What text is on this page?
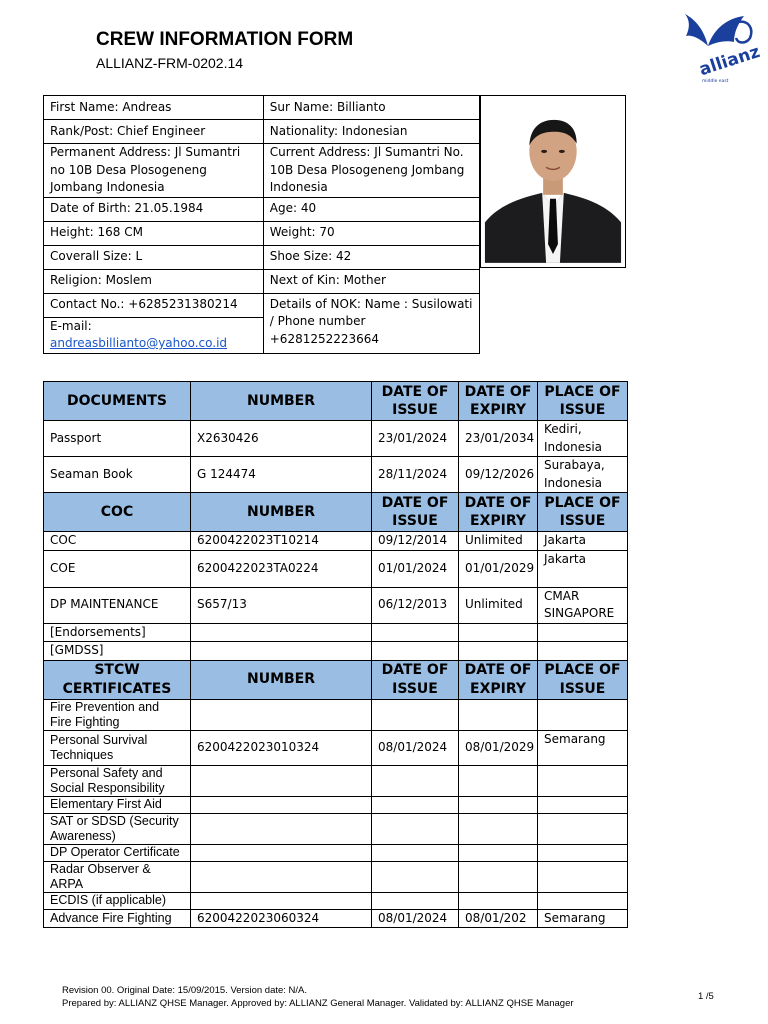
CREW INFORMATION FORM
ALLIANZ-FRM-0202.14	allianz
middle east
First Name: Andreas	Sur Name: Billianto
Rank/Post: Chief Engineer	Nationality: Indonesian
Permanent Address: Jl Sumantri no 10B Desa Plosogeneng Jombang Indonesia	Current Address: Jl Sumantri No. 10B Desa Plosogeneng Jombang Indonesia
Date of Birth: 21.05.1984	Age: 40
Height: 168 CM	Weight: 70
Coverall Size: L	Shoe Size: 42
Religion: Moslem	Next of Kin: Mother
Contact No.: +6285231380214	Details of NOK: Name : Susilowati / Phone number +6281252223664
E-mail:
andreasbillianto@yahoo.co.id	
DOCUMENTS	NUMBER	DATE OF ISSUE	DATE OF EXPIRY	PLACE OF ISSUE
Passport	X2630426	23/01/2024	23/01/2034	Kediri, Indonesia
Seaman Book	G 124474	28/11/2024	09/12/2026	Surabaya, Indonesia
COC	NUMBER	DATE OF ISSUE	DATE OF EXPIRY	PLACE OF ISSUE
COC	6200422023T10214	09/12/2014	Unlimited	Jakarta
COE	6200422023TA0224	01/01/2024	01/01/2029	Jakarta
DP MAINTENANCE	S657/13	06/12/2013	Unlimited	CMAR SINGAPORE
[Endorsements]				
[GMDSS]				
STCW CERTIFICATES	NUMBER	DATE OF ISSUE	DATE OF EXPIRY	PLACE OF ISSUE
Fire Prevention and Fire Fighting				
Personal Survival Techniques	6200422023010324	08/01/2024	08/01/2029	Semarang
Personal Safety and Social Responsibility				
Elementary First Aid				
SAT or SDSD (Security Awareness)				
DP Operator Certificate				
Radar Observer & ARPA				
ECDIS (if applicable)				
Advance Fire Fighting	6200422023060324	08/01/2024	08/01/202	Semarang
Revision 00. Original Date: 15/09/2015. Version date: N/A.
Prepared by: ALLIANZ QHSE Manager. Approved by: ALLIANZ General Manager. Validated by: ALLIANZ QHSE Manager
1 /5
